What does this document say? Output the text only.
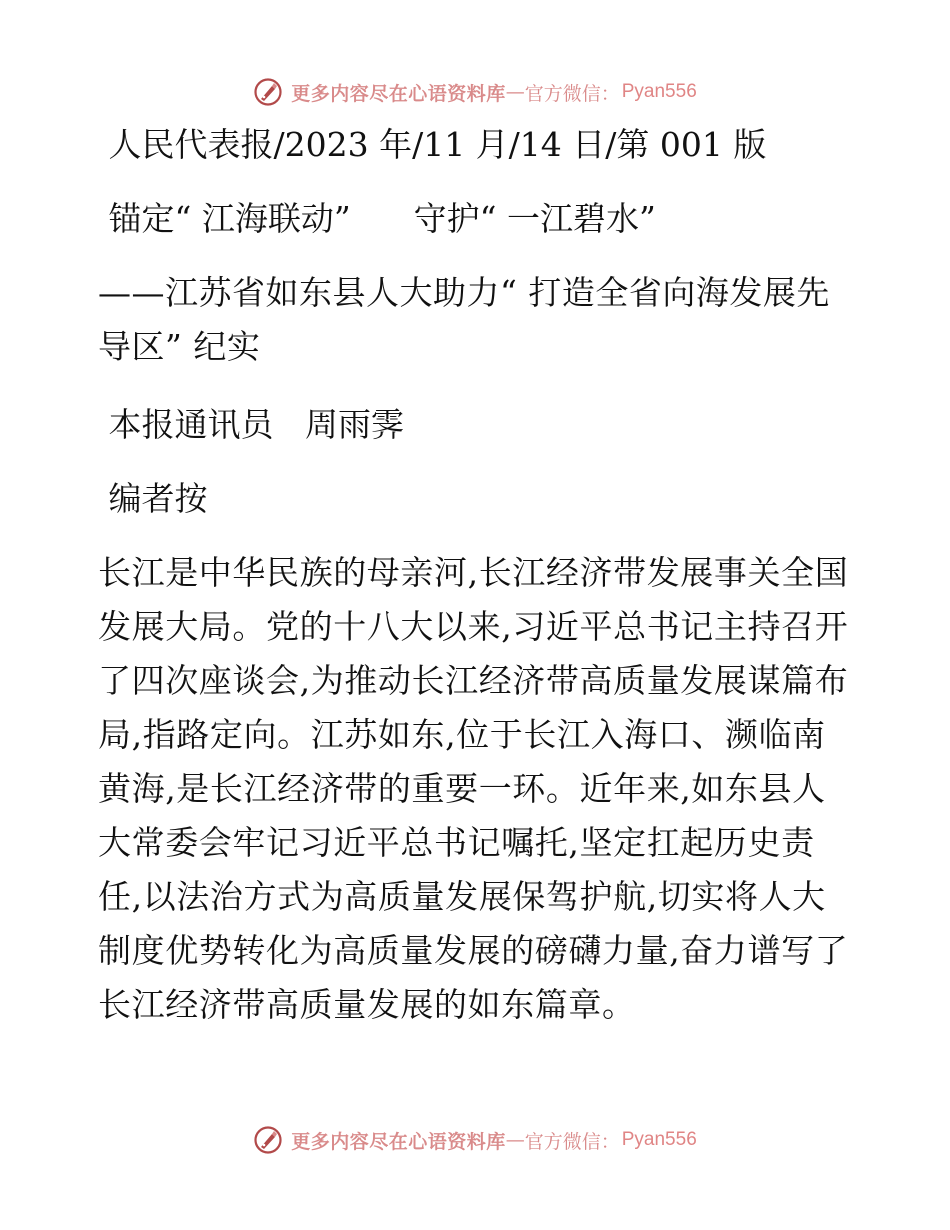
更多内容尽在心语资料库 — 官方微信： Pyan556
人民代表报/2023 年/11 月/14 日/第 001 版
锚定“ 江海联动”      守护“ 一江碧水”
——江苏省如东县人大助力“ 打造全省向海发展先导区” 纪实
本报通讯员   周雨霁
编者按
长江是中华民族的母亲河,长江经济带发展事关全国发展大局。党的十八大以来,习近平总书记主持召开了四次座谈会,为推动长江经济带高质量发展谋篇布局,指路定向。江苏如东,位于长江入海口、濒临南黄海,是长江经济带的重要一环。近年来,如东县人大常委会牢记习近平总书记嘱托,坚定扛起历史责任,以法治方式为高质量发展保驾护航,切实将人大制度优势转化为高质量发展的磅礴力量,奋力谱写了长江经济带高质量发展的如东篇章。
更多内容尽在心语资料库 — 官方微信： Pyan556
